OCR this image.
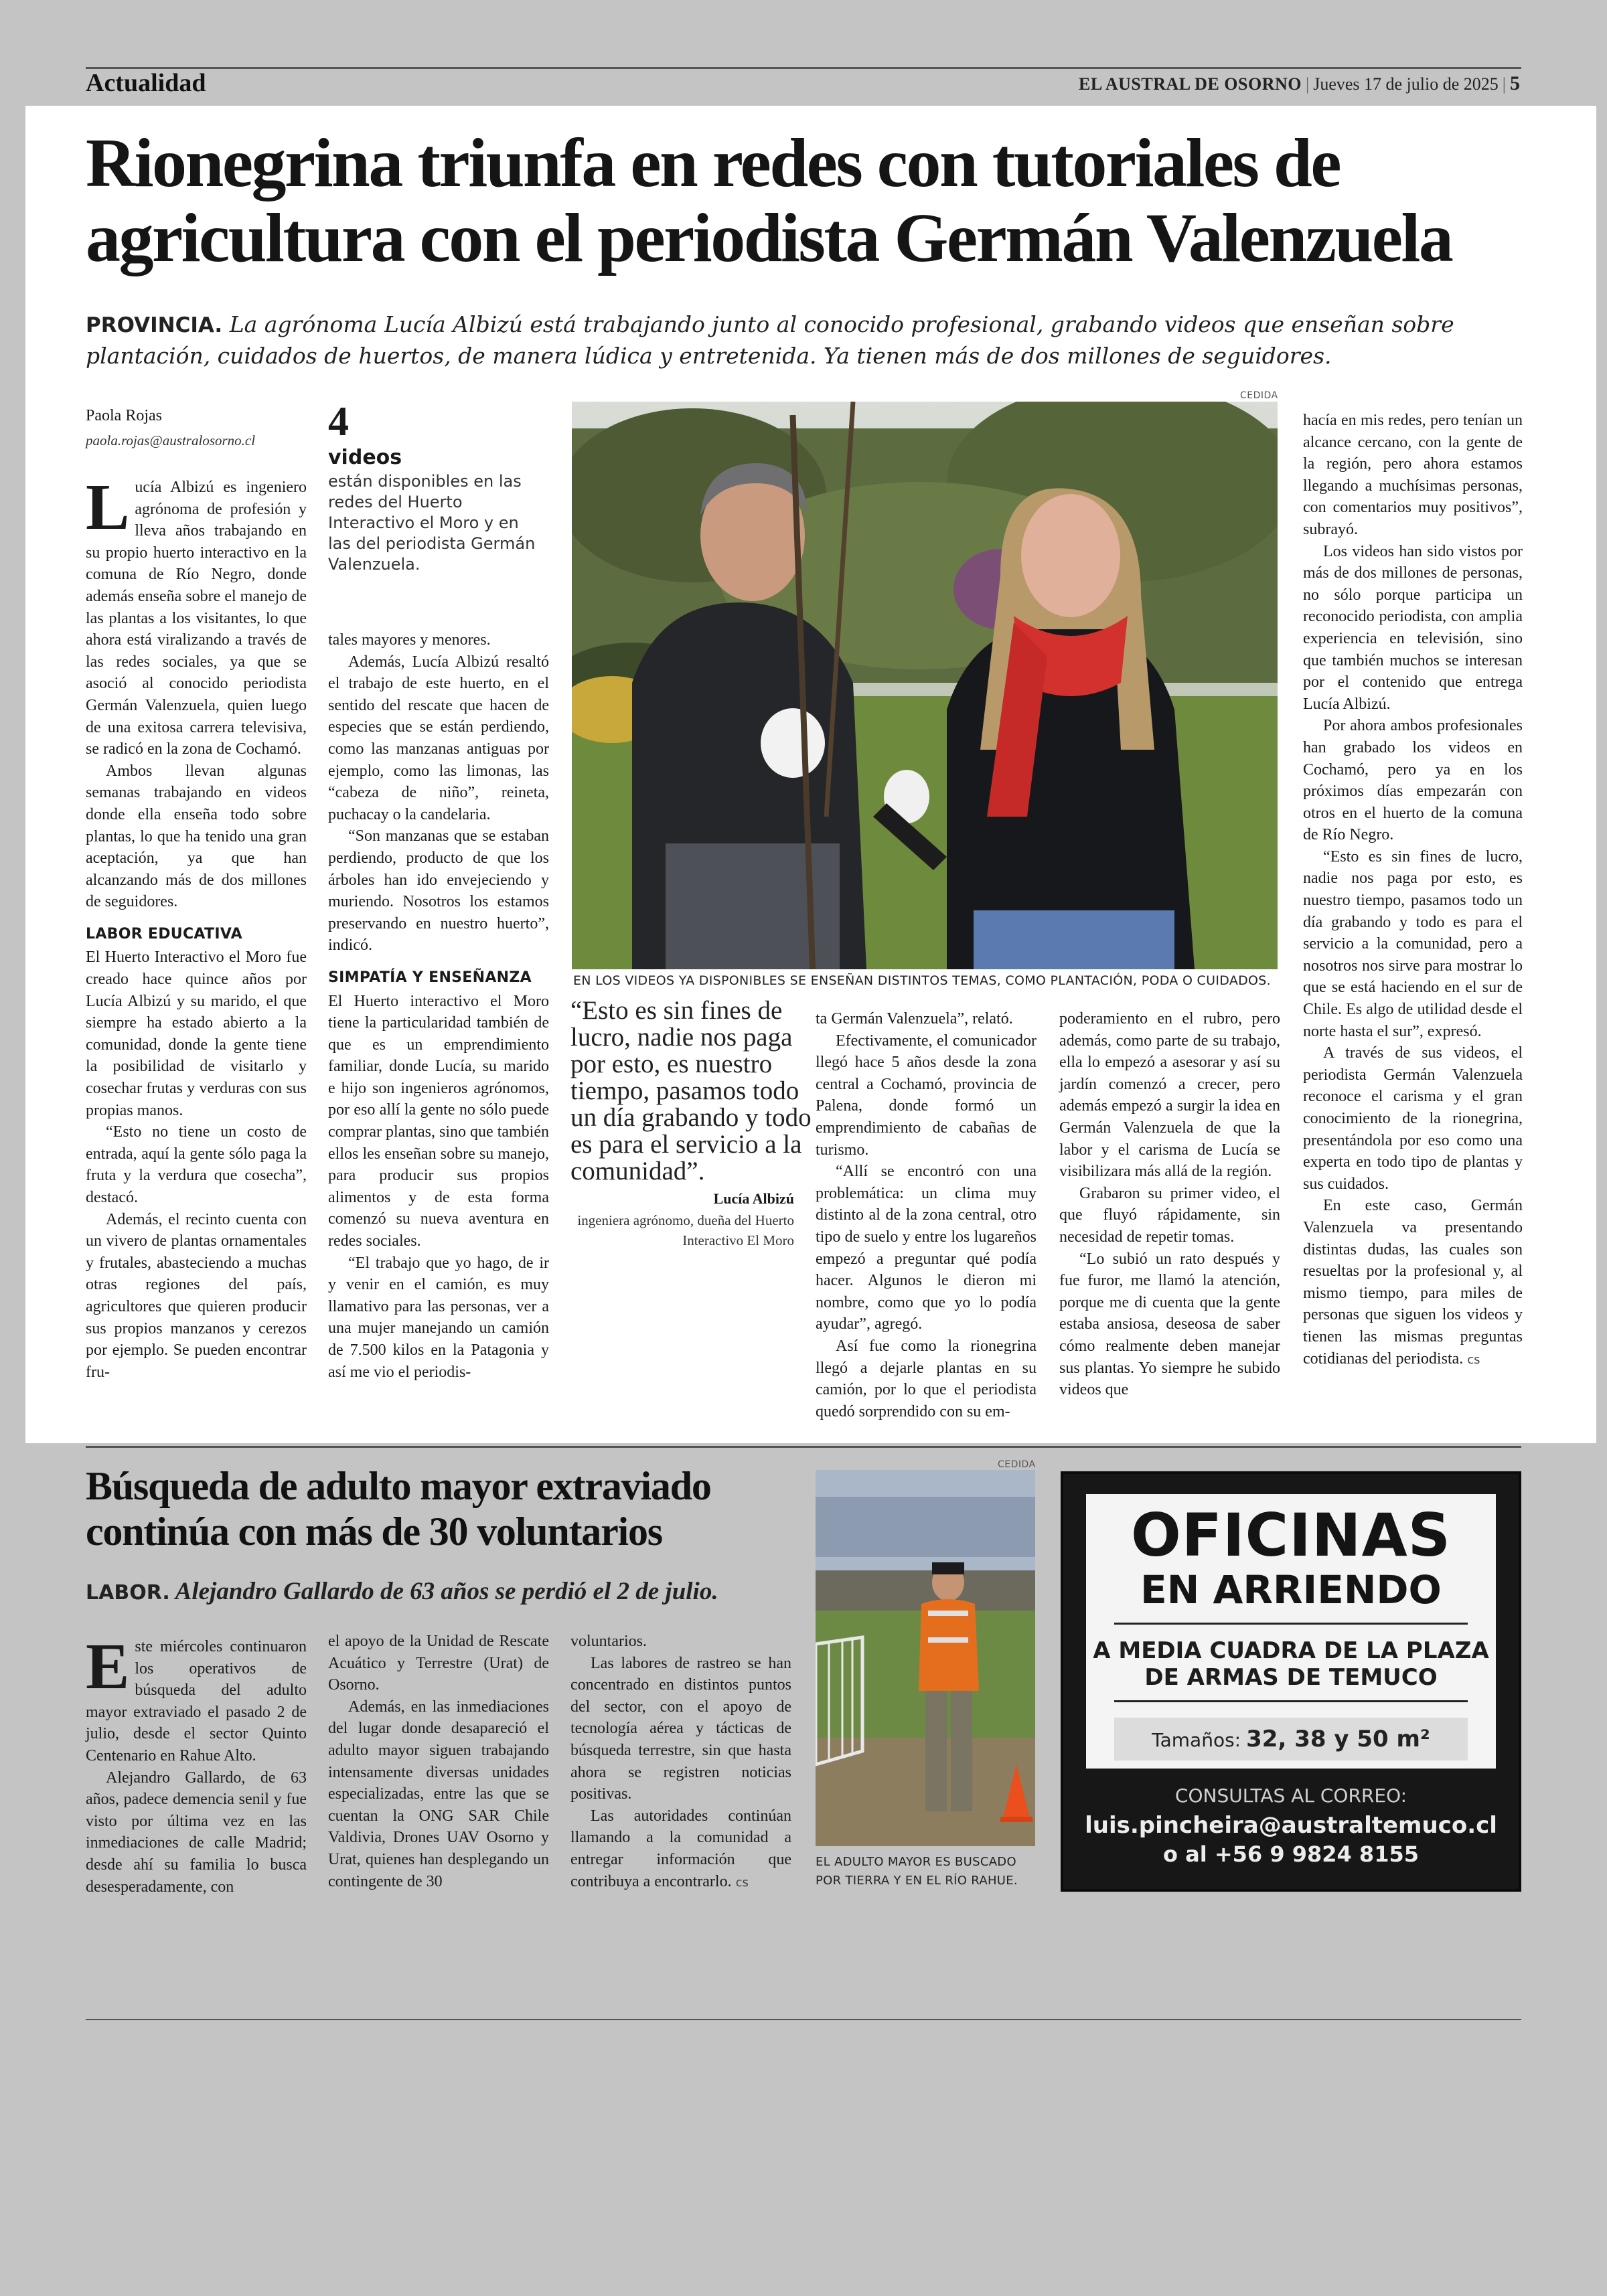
Actualidad	EL AUSTRAL DE OSORNO | Jueves 17 de julio de 2025 | 5
Rionegrina triunfa en redes con tutoriales de agricultura con el periodista Germán Valenzuela
PROVINCIA. La agrónoma Lucía Albizú está trabajando junto al conocido profesional, grabando videos que enseñan sobre plantación, cuidados de huertos, de manera lúdica y entretenida. Ya tienen más de dos millones de seguidores.
Paola Rojas
paola.rojas@australosorno.cl

Lucía Albizú es ingeniero agrónoma de profesión y lleva años trabajando en su propio huerto interactivo en la comuna de Río Negro, donde además enseña sobre el manejo de las plantas a los visitantes, lo que ahora está viralizando a través de las redes sociales, ya que se asoció al conocido periodista Germán Valenzuela, quien luego de una exitosa carrera televisiva, se radicó en la zona de Cochamó.

Ambos llevan algunas semanas trabajando en videos donde ella enseña todo sobre plantas, lo que ha tenido una gran aceptación, ya que han alcanzando más de dos millones de seguidores.

LABOR EDUCATIVA

El Huerto Interactivo el Moro fue creado hace quince años por Lucía Albizú y su marido, el que siempre ha estado abierto a la comunidad, donde la gente tiene la posibilidad de visitarlo y cosechar frutas y verduras con sus propias manos.

“Esto no tiene un costo de entrada, aquí la gente sólo paga la fruta y la verdura que cosecha”, destacó.

Además, el recinto cuenta con un vivero de plantas ornamentales y frutales, abasteciendo a muchas otras regiones del país, agricultores que quieren producir sus propios manzanos y cerezos por ejemplo. Se pueden encontrar fru-

4
videos
están disponibles en las redes del Huerto Interactivo el Moro y en las del periodista Germán Valenzuela.

tales mayores y menores.

Además, Lucía Albizú resaltó el trabajo de este huerto, en el sentido del rescate que hacen de especies que se están perdiendo, como las manzanas antiguas por ejemplo, como las limonas, las “cabeza de niño”, reineta, puchacay o la candelaria.

“Son manzanas que se estaban perdiendo, producto de que los árboles han ido envejeciendo y muriendo. Nosotros los estamos preservando en nuestro huerto”, indicó.

SIMPATÍA Y ENSEÑANZA

El Huerto interactivo el Moro tiene la particularidad también de que es un emprendimiento familiar, donde Lucía, su marido e hijo son ingenieros agrónomos, por eso allí la gente no sólo puede comprar plantas, sino que también ellos les enseñan sobre su manejo, para producir sus propios alimentos y de esta forma comenzó su nueva aventura en redes sociales.

“El trabajo que yo hago, de ir y venir en el camión, es muy llamativo para las personas, ver a una mujer manejando un camión de 7.500 kilos en la Patagonia y así me vio el periodis-

CEDIDA
EN LOS VIDEOS YA DISPONIBLES SE ENSEÑAN DISTINTOS TEMAS, COMO PLANTACIÓN, PODA O CUIDADOS.
“Esto es sin fines de lucro, nadie nos paga por esto, es nuestro tiempo, pasamos todo un día grabando y todo es para el servicio a la comunidad”.
Lucía Albizú
ingeniera agrónomo, dueña del Huerto Interactivo El Moro

ta Germán Valenzuela”, relató.

Efectivamente, el comunicador llegó hace 5 años desde la zona central a Cochamó, provincia de Palena, donde formó un emprendimiento de cabañas de turismo.

“Allí se encontró con una problemática: un clima muy distinto al de la zona central, otro tipo de suelo y entre los lugareños empezó a preguntar qué podía hacer. Algunos le dieron mi nombre, como que yo lo podía ayudar”, agregó.

Así fue como la rionegrina llegó a dejarle plantas en su camión, por lo que el periodista quedó sorprendido con su em-

poderamiento en el rubro, pero además, como parte de su trabajo, ella lo empezó a asesorar y así su jardín comenzó a crecer, pero además empezó a surgir la idea en Germán Valenzuela de que la labor y el carisma de Lucía se visibilizara más allá de la región.

Grabaron su primer video, el que fluyó rápidamente, sin necesidad de repetir tomas.

“Lo subió un rato después y fue furor, me llamó la atención, porque me di cuenta que la gente estaba ansiosa, deseosa de saber cómo realmente deben manejar sus plantas. Yo siempre he subido videos que

hacía en mis redes, pero tenían un alcance cercano, con la gente de la región, pero ahora estamos llegando a muchísimas personas, con comentarios muy positivos”, subrayó.

Los videos han sido vistos por más de dos millones de personas, no sólo porque participa un reconocido periodista, con amplia experiencia en televisión, sino que también muchos se interesan por el contenido que entrega Lucía Albizú.

Por ahora ambos profesionales han grabado los videos en Cochamó, pero ya en los próximos días empezarán con otros en el huerto de la comuna de Río Negro.

“Esto es sin fines de lucro, nadie nos paga por esto, es nuestro tiempo, pasamos todo un día grabando y todo es para el servicio a la comunidad, pero a nosotros nos sirve para mostrar lo que se está haciendo en el sur de Chile. Es algo de utilidad desde el norte hasta el sur”, expresó.

A través de sus videos, el periodista Germán Valenzuela reconoce el carisma y el gran conocimiento de la rionegrina, presentándola por eso como una experta en todo tipo de plantas y sus cuidados.

En este caso, Germán Valenzuela va presentando distintas dudas, las cuales son resueltas por la profesional y, al mismo tiempo, para miles de personas que siguen los videos y tienen las mismas preguntas cotidianas del periodista. cs

Búsqueda de adulto mayor extraviado continúa con más de 30 voluntarios
LABOR. Alejandro Gallardo de 63 años se perdió el 2 de julio.

Este miércoles continuaron los operativos de búsqueda del adulto mayor extraviado el pasado 2 de julio, desde el sector Quinto Centenario en Rahue Alto.

Alejandro Gallardo, de 63 años, padece demencia senil y fue visto por última vez en las inmediaciones de calle Madrid; desde ahí su familia lo busca desesperadamente, con

el apoyo de la Unidad de Rescate Acuático y Terrestre (Urat) de Osorno.

Además, en las inmediaciones del lugar donde desapareció el adulto mayor siguen trabajando intensamente diversas unidades especializadas, entre las que se cuentan la ONG SAR Chile Valdivia, Drones UAV Osorno y Urat, quienes han desplegando un contingente de 30

voluntarios.

Las labores de rastreo se han concentrado en distintos puntos del sector, con el apoyo de tecnología aérea y tácticas de búsqueda terrestre, sin que hasta ahora se registren noticias positivas.

Las autoridades continúan llamando a la comunidad a entregar información que contribuya a encontrarlo. cs

CEDIDA
EL ADULTO MAYOR ES BUSCADO POR TIERRA Y EN EL RÍO RAHUE.
OFICINAS
EN ARRIENDO
A MEDIA CUADRA DE LA PLAZA DE ARMAS DE TEMUCO
Tamaños: 32, 38 y 50 m²
CONSULTAS AL CORREO:
luis.pincheira@australtemuco.cl
o al +56 9 9824 8155
